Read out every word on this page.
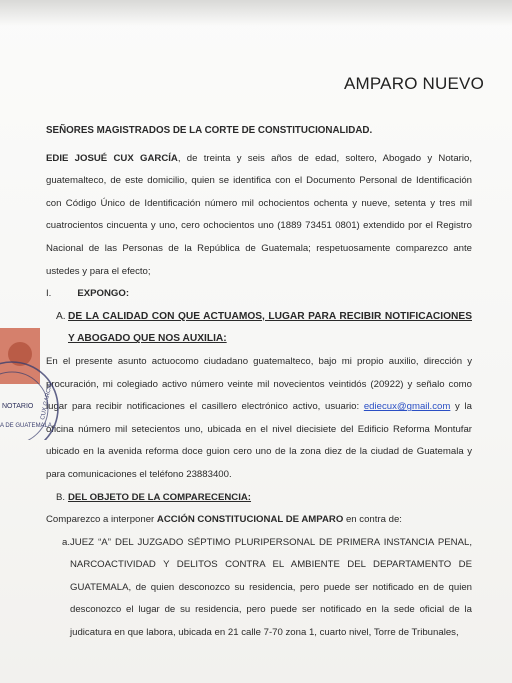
AMPARO NUEVO

SEÑORES MAGISTRADOS DE LA CORTE DE CONSTITUCIONALIDAD.

EDIE JOSUÉ CUX GARCÍA, de treinta y seis años de edad, soltero, Abogado y Notario, guatemalteco, de este domicilio, quien se identifica con el Documento Personal de Identificación con Código Único de Identificación número mil ochocientos ochenta y nueve, setenta y tres mil cuatrocientos cincuenta y uno, cero ochocientos uno (1889 73451 0801) extendido por el Registro Nacional de las Personas de la República de Guatemala; respetuosamente comparezco ante ustedes y para el efecto;

I.	EXPONGO:

A. DE LA CALIDAD CON QUE ACTUAMOS, LUGAR PARA RECIBIR NOTIFICACIONES Y ABOGADO QUE NOS AUXILIA:

En el presente asunto actuocomo ciudadano guatemalteco, bajo mi propio auxilio, dirección y procuración, mi colegiado activo número veinte mil novecientos veintidós (20922) y señalo como lugar para recibir notificaciones el casillero electrónico activo, usuario: ediecux@gmail.com y la oficina número mil setecientos uno, ubicada en el nivel diecisiete del Edificio Reforma Montufar ubicado en la avenida reforma doce guion cero uno de la zona diez de la ciudad de Guatemala y para comunicaciones el teléfono 23883400.

B. DEL OBJETO DE LA COMPARECENCIA:

Comparezco a interponer ACCIÓN CONSTITUCIONAL DE AMPARO en contra de:

a. JUEZ “A” DEL JUZGADO SÉPTIMO PLURIPERSONAL DE PRIMERA INSTANCIA PENAL, NARCOACTIVIDAD Y DELITOS CONTRA EL AMBIENTE DEL DEPARTAMENTO DE GUATEMALA, de quien desconozco su residencia, pero puede ser notificado en de quien desconozco el lugar de su residencia, pero puede ser notificado en la sede oficial de la judicatura en que labora, ubicada en 21 calle 7-70 zona 1, cuarto nivel, Torre de Tribunales,

A DE GUATEMALA
NOTARIO CUX GARCIA
